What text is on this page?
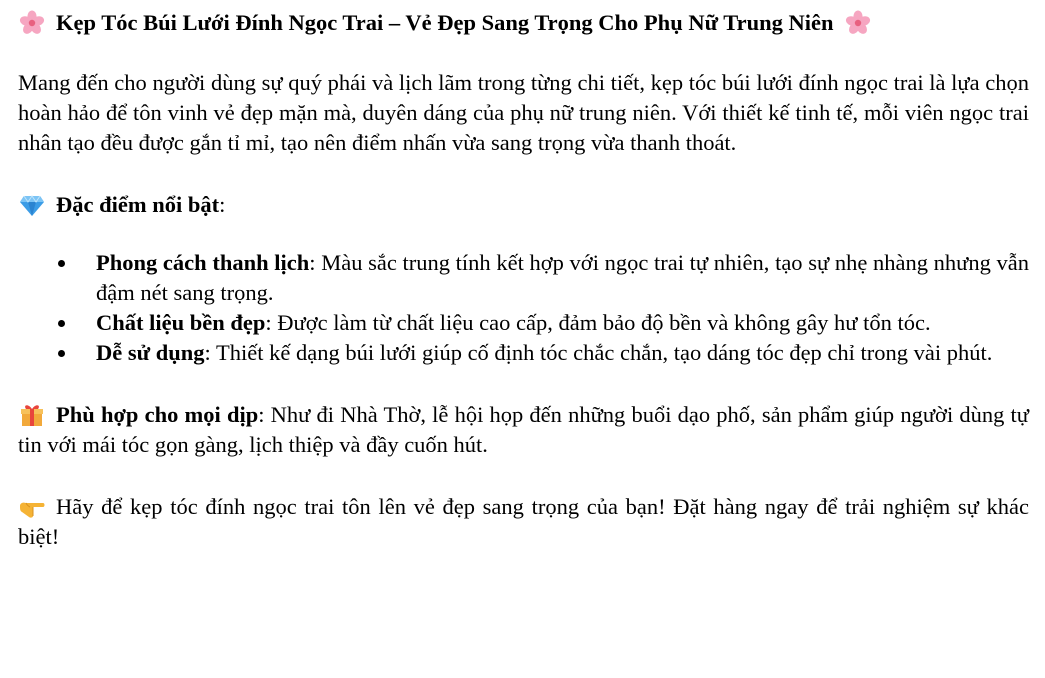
Kẹp Tóc Búi Lưới Đính Ngọc Trai – Vẻ Đẹp Sang Trọng Cho Phụ Nữ Trung Niên

Mang đến cho người dùng sự quý phái và lịch lãm trong từng chi tiết, kẹp tóc búi lưới đính ngọc trai là lựa chọn hoàn hảo để tôn vinh vẻ đẹp mặn mà, duyên dáng của phụ nữ trung niên. Với thiết kế tinh tế, mỗi viên ngọc trai nhân tạo đều được gắn tỉ mỉ, tạo nên điểm nhấn vừa sang trọng vừa thanh thoát.

Đặc điểm nổi bật:

Phong cách thanh lịch: Màu sắc trung tính kết hợp với ngọc trai tự nhiên, tạo sự nhẹ nhàng nhưng vẫn đậm nét sang trọng.
Chất liệu bền đẹp: Được làm từ chất liệu cao cấp, đảm bảo độ bền và không gây hư tổn tóc.
Dễ sử dụng: Thiết kế dạng búi lưới giúp cố định tóc chắc chắn, tạo dáng tóc đẹp chỉ trong vài phút.

Phù hợp cho mọi dịp: Như đi Nhà Thờ, lễ hội họp đến những buổi dạo phố, sản phẩm giúp người dùng tự tin với mái tóc gọn gàng, lịch thiệp và đầy cuốn hút.

Hãy để kẹp tóc đính ngọc trai tôn lên vẻ đẹp sang trọng của bạn! Đặt hàng ngay để trải nghiệm sự khác biệt!
